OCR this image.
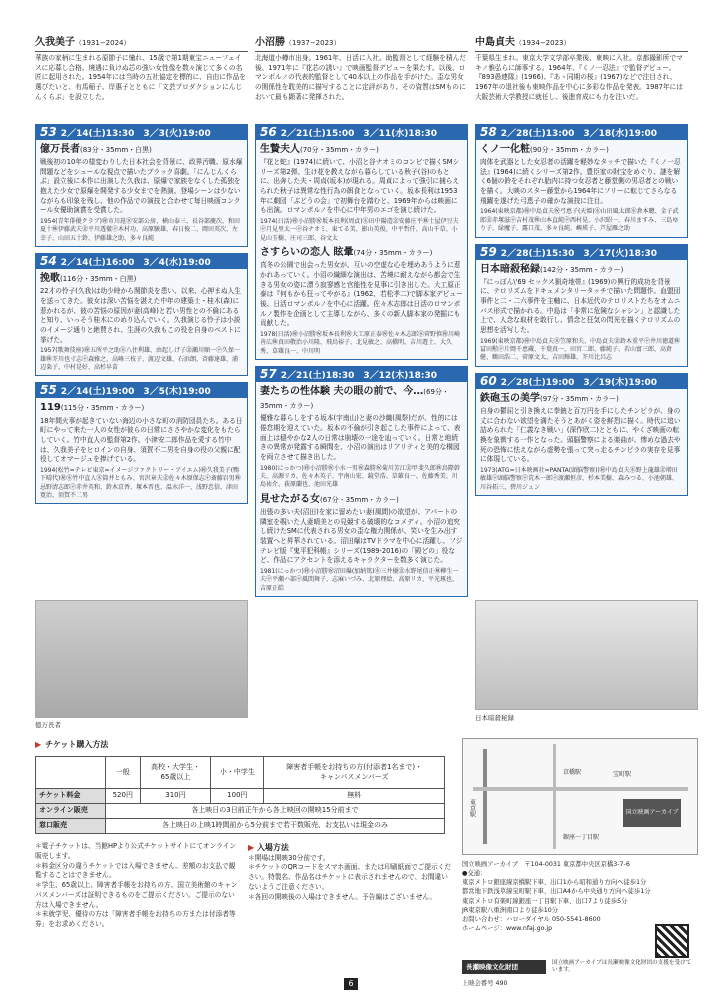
久我美子（1931−2024）	小沼勝（1937−2023）	中島貞夫（1934−2023）
華族の家柄に生まれる原節子に憧れ、15歳で第1期東宝ニューフェイスに応募し合格。境遇に負けぬ芯の強い女性像を数々演じて多くの名匠に起用された。1954年には当時の五社協定を標的に、自由に作品を選びたいと、有馬稲子、岸惠子とともに「文芸プロダクションにんじんくらぶ」を設立した。
53 2／14(土)13:30　3／3(火)19:00
億万長者(83分・35mm・白黒)
戦後初の10年の様変わりした日本社会を背景に、政界汚職、原水爆問題などをシュールな視点で描いたブラック喜劇。「にんじんくらぶ」設立後に本作に出演した久我は、原爆で家族をなくした孤独を抱えた少女で原爆を開発する少女までを熱演、登場シーンは少ないながらも印象を残し、他の作品での演技と合わせて毎日映画コンクール女優助演賞を受賞した。
1954(青年俳優クラブ)㊙市川崑㊌安部公房、横山泰三、長谷部慶次、和田夏十㊑伊藤武夫㊎平川透徹㊉木村功、高原駿雄、春日俊二、岡田英次、左幸子、山田五十鈴、伊藤雄之助、多々良純
54 2／14(土)16:00　3／4(水)19:00
挽歌(116分・35mm・白黒)
22才の怜子(久我)は幼少時から関節炎を患い、以来、心押まぬ人生を送ってきた。彼女は深い苦悩を湛えた中年の建築士・桂木(森)に惹かれるが、彼の苦悩の原因が妻(高峰)と若い男性との不倫にあると知り、いっそう桂木にのめり込んでいく。久我演じる怜子は小説のイメージ通りと絶賛され、生涯の久我もこの役を自身のベストに挙げた。
1957(歌舞伎座)㊙五所平之助㊌八住利雄、由起しげ子㊎瀬川順一㊉久保一雄㊑芥川也寸志㊉森雅之、高峰三枝子、渡辺文雄、石浜朗、斉藤達雄、浦辺粂子、中村是好、高杉早苗
55 2／14(土)19:00　3／5(木)19:00
119(115分・35mm・カラー)
18年間火事が起きていない海辺の小さな町の消防団員たち。ある日町にやって来た一人の女性が彼らの日常にささやかな変化をもたらしていく。竹中直人の監督第2作。小津安二郎作品を愛する竹中は、久我美子をヒロインの自身、須賀不二男を自身の役の父親に配役してオマージュを捧げている。
1994(松竹=テレビ東京=イメージファクトリー・アイエム)㊙久我美子(鴨下晴代)㊙㊌竹中直人㊌筒井ともみ、宮沢章夫㊎佐々木原保志㊉斎藤岩男㊑忌野清志郎㊉赤井英和、鈴木京香、塚本晋也、温水洋一、浅野忠信、津田寛治、須賀不二男
北海道小樽市出身。1961年、日活に入社。助監督として経験を積んだ後、1971年に『花芯の誘い』で映画監督デビューを果たす。以後、ロマンポルノの代表的監督として40本以上の作品を手がけた。歪な男女の関係性を耽美的に描写することに定評があり、その資質はSMものにおいて最も顕著に発揮された。
56 2／21(土)15:00　3／11(水)18:30
生贄夫人(70分・35mm・カラー)
『花と蛇』(1974)に続いて、小沼と谷ナオミのコンビで描くSMシリーズ第2弾。生け花を教えながら暮らしている秋子(谷)のもとに、出奔した夫・周貞(坂本)が現れる。周貞によって強引に捕らえられた秋子は異常な性行為の餌食となっていく。坂本長利は1953年に劇団「ぶどうの会」で初舞台を踏むと、1969年からは映画にも出演。ロマンポルノを中心に中年男のエゴを演じ続けた。
1974(日活)㊙小沼勝㊗坂本長利(周貞)㊌田中陽造㊎安藤庄平㊑土屋伊豆夫㊉月見里太一㊉谷ナオミ、東てる美、影山英俊、中平哲仟、高山千草、小見山玉樹、庄司三郎、谷文太
さすらいの恋人 眩暈(74分・35mm・カラー)
真冬の公園で出会った男女が、互いの空虚な心を埋めあうように惹かれあっていく。小沼の繊細な演出は、苦境に耐えながら都会で生きる男女の姿に漂う寂寥感と官能性を見事に引き出した。大工原正泰は『何もかも狂ってやがる』(1962、若松孝二)で脚本家デビュー後、日活ロマンポルノを中心に活躍。佐々木志郎は日活のロマンポルノ製作を企画として主導しながら、多くの新人脚本家の発掘にも貢献した。
1978(日活)㊙小沼勝㊗坂本長利㊗大工原正泰㊗佐々木志郎㊌菅野慎㊙川崎善広㊑真田敬治小川隆、飛鳥裕子、北見敏之、高橋明、吉川遊土、大久秀、草薙良一、中川明
57 2／21(土)18:30　3／12(木)18:30
妻たちの性体験 夫の眼の前で、今…(69分・35mm・カラー)
優雅な暮らしをする坂本(宇南山)と妻の沙織(風祭)だが、性的には倦怠期を迎えていた。坂本の不倫が引き起こした事件によって、表面上は穏やかな2人の日常は崩壊の一途を辿っていく。日常と地続きの異常が発露する瞬間を、小沼の演出はリアリティと美的な構図を両立させて描き出した。
1980(にっかつ)㊙小沼勝㊗小水一男㊗森勝㊗菊川芳江㊎甲斐久郎㊑鳥際幹夫、高源リカ、佐々木英子、宇南山宏、鏡堂浩、草薙良一、佐藤秀美、川島祐介、荻原蘭也、池田光雄
見せたがる女(67分・35mm・カラー)
出張の多い夫(沼田)を家に留めたい妻(風間)の欲望が、アパートの隣室を覗いた人妻晴美との見競する破壊的なコメディ。小沼の追究し続けたSMに代表される男女の歪な権力関係が、笑いを生み出す装置へと昇華されている。沼田爆はTVドラマを中心に活躍し、フジテレビ版『鬼平犯科帳』シリーズ(1989-2016)の「殿どの」役など、作品にアクセントを添えるキャラクターを数多く演じた。
1981(にっかつ)㊙小沼勝㊗沼田爆(加納篤)㊌三井優㊎水野尾信正㊑柳生一夫㊉平瀬ハ部㊉風間舞子、志麻いづみ、北原理絵、高原リカ、平光琢也、吉原正皓
千葉県生まれ。東京大学文学部卒業後、東映に入社。京都撮影所でマキノ雅弘らに師事する。1964年、『くノ一忍法』で監督デビュー。『893愚連隊』(1966)、『あゝ同期の桜』(1967)などで注目され、1967年の退社後も東映作品を中心に多彩な作品を発表。1987年には大阪芸術大学教授に就任し、後進育成にも力を注いだ。
58 2／28(土)13:00　3／18(水)19:00
くノ一化粧(90分・35mm・カラー)
肉体を武器とした女忍者の活躍を軽妙なタッチで描いた『くノ一忍法』(1964)に続くシリーズ第2作。豊臣家の財宝をめぐり、謎を解く6個の鈴をそれぞれ胎内に持つ女忍者と藤堂側の男忍者との戦いを描く。大映のスター藤堂から1964年にフリーに転じてさらなる飛躍を遂げた弓恵子の確かな演技に注目。
1964(東映京都)㊙中島貞夫㊗弓恵子(天姫)㊌山田風太郎㊌倉本聰、金子武郎㊎赤塚滋㊉吉村茂㊑山本直純㊉西村晃、小沢昭一、春川ますみ、三島ゆり子、緑魔子、露口茂、多々良純、嶼瑛子、芦屋雁之助
59 2／28(土)15:30　3／17(火)18:30
日本暗殺秘録(142分・35mm・カラー)
『にっぽん\'69 セックス猟奇地帯』(1969)の興行的成功を背景に、テロリズムをドキュメンタリータッチで描いた問題作。血盟団事件と二・二六事件を主軸に、日本近代のテロリストたちをオムニバス形式で描かれる。中島は「非常に危険なシャシン」と認識した上で、人念な取材を敢行し、情念と狂気の閃光を描くテロリズムの思想を活写した。
1969(東映京都)㊙中島貞夫㊌笠原和夫、中島貞夫㊎鈴木重平㊉井川徳道㊑冨田勲㊉片岡千恵蔵、千葉真一、田宮二郎、藤純子、若山富三郎、高倉健、鶴田浩二、菅原文太、吉田輝雄、芥川比呂志
60 2／28(土)19:00　3／19(木)19:00
鉄砲玉の美学(97分・35mm・カラー)
自身の鬱屈と引き換えに拳銃と百万円を手にしたチンピラが、身の丈に合わない欲望を満たそうとあがく姿を鮮烈に描く。時代に追い詰められた「仁義なき戦い」(深作欣二)とともに、やくざ映画の転換を象徴する一作となった。頭脳警察による楽曲が、惨めな過去や死の恐怖に怯えながら虚勢を張って突っ走るチンピラの実存を見事に体現している。
1973(ATG=日本映画社=PANTA(頭脳警察))㊙中島貞夫㊌野上龍雄㊎増田敏雄㊉頭脳警察㊉荒木一郎㊉渡瀬恒彦、杉本美樹、森みつる、小池朝雄、川谷拓三、碧川ジュン
億万長者
日本暗殺秘録
▶ チケット購入方法
	一般	高校・大学生・
65歳以上	小・中学生	障害者手帳をお持ちの方(付添者1名まで)・
キャンパスメンバーズ
チケット料金	520円	310円	100円	無料
オンライン販売	各上映日の3日前正午から各上映回の開映15分前まで			
窓口販売	各上映日の上映1時間前から5分前まで若干数販売、お支払いは現金のみ			
＊電子チケットは、当館HPより公式チケットサイトにてオンライン販売します。
＊料金区分の違うチケットでは入場できません。差額のお支払で観覧することはできません。
＊学生、65歳以上、障害者手帳をお持ちの方、国立美術館のキャンパスメンバーズは証明できるものをご提示ください。ご提示のない方は入場できません。
＊未就学児、優待の方は「障害者手帳をお持ちの方または付添者等券」をお求めください。
▶ 入場方法
＊開場は開映30分前です。
＊チケットのQRコードをスマホ画面、または印刷紙面でご提示ください。特製名、作品名はチケットに表示されませんので、お間違いないようご注意ください。
＊各回の開映後の入場はできません。予告編はございません。
国立映画アーカイブ
京橋駅	宝町駅
銀座一丁目駅
東京駅
国立映画アーカイブ　〒104-0031 東京都中央区京橋3-7-6
●交通：
東京メトロ銀座線京橋駅下車、出口1から昭和通り方向へ徒歩1分
都営地下鉄浅草線宝町駅下車、出口A4から中央通り方向へ徒歩1分
東京メトロ有楽町線銀座一丁目駅下車、出口7より徒歩5分
JR東京駅八重洲南口より徒歩10分
お問い合わせ：ハローダイヤル 050-5541-8600
ホームページ：www.nfaj.go.jp
長瀬映像文化財団	国立映画アーカイブは長瀬映像文化財団の支援を受けています。
上映会番号 490
6
